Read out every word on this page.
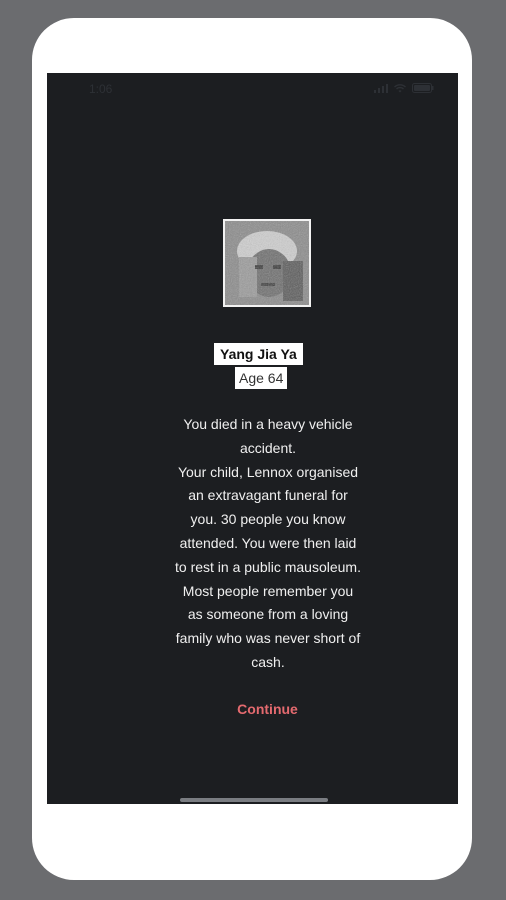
1:06
Yang Jia Ya
Age 64
You died in a heavy vehicle
accident.
Your child, Lennox organised
an extravagant funeral for
you. 30 people you know
attended. You were then laid
to rest in a public mausoleum.
Most people remember you
as someone from a loving
family who was never short of
cash.
Continue
